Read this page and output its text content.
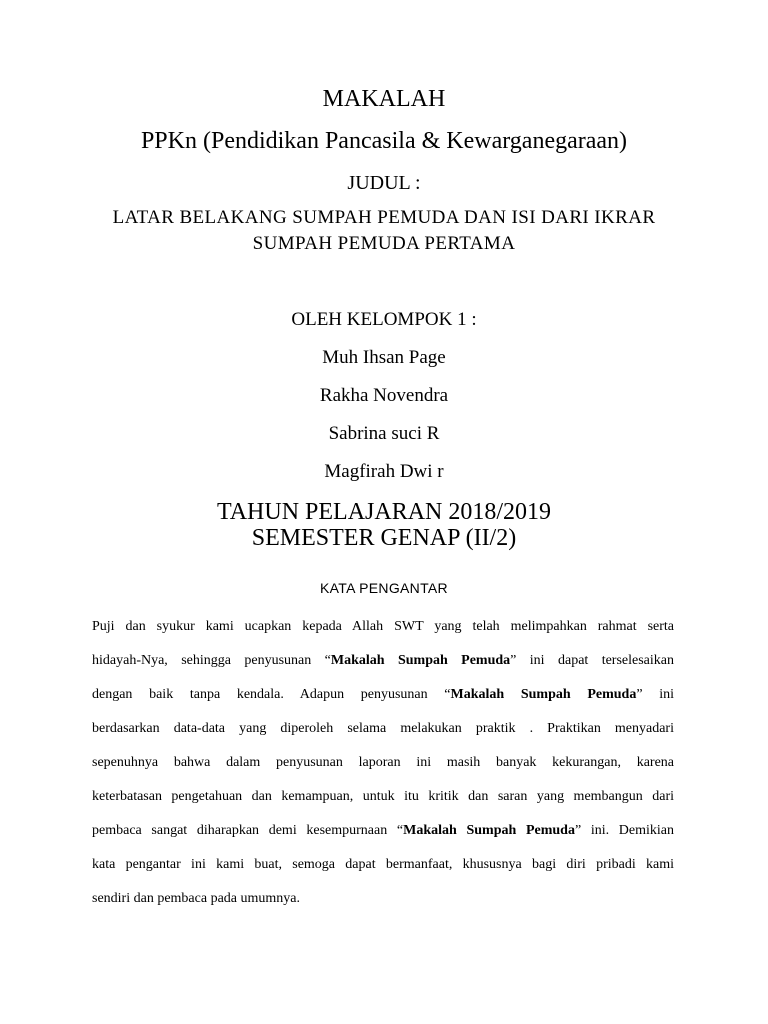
MAKALAH
PPKn (Pendidikan Pancasila & Kewarganegaraan)
JUDUL :
LATAR BELAKANG SUMPAH PEMUDA DAN ISI DARI IKRAR
SUMPAH PEMUDA PERTAMA
OLEH KELOMPOK 1 :
Muh Ihsan Page
Rakha Novendra
Sabrina suci R
Magfirah Dwi r
TAHUN PELAJARAN 2018/2019
SEMESTER GENAP (II/2)
KATA PENGANTAR
Puji dan syukur kami ucapkan kepada Allah SWT yang telah melimpahkan rahmat serta
hidayah-Nya, sehingga penyusunan “Makalah Sumpah Pemuda” ini dapat terselesaikan
dengan baik tanpa kendala. Adapun penyusunan “Makalah Sumpah Pemuda” ini
berdasarkan data-data yang diperoleh selama melakukan praktik . Praktikan menyadari
sepenuhnya bahwa dalam penyusunan laporan ini masih banyak kekurangan, karena
keterbatasan pengetahuan dan kemampuan, untuk itu kritik dan saran yang membangun dari
pembaca sangat diharapkan demi kesempurnaan “Makalah Sumpah Pemuda” ini. Demikian
kata pengantar ini kami buat, semoga dapat bermanfaat, khususnya bagi diri pribadi kami
sendiri dan pembaca pada umumnya.
